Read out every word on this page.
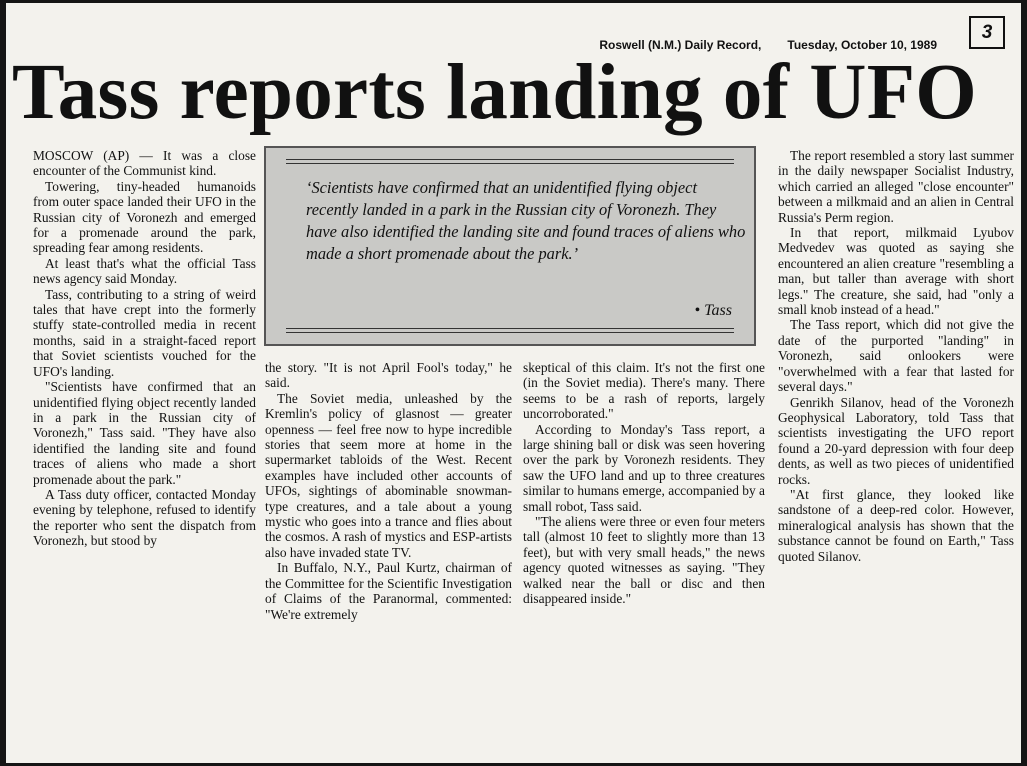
Roswell (N.M.) Daily Record, Tuesday, October 10, 1989
3
Tass reports landing of UFO

MOSCOW (AP) — It was a close encounter of the Communist kind.

Towering, tiny-headed humanoids from outer space landed their UFO in the Russian city of Voronezh and emerged for a promenade around the park, spreading fear among residents.

At least that's what the official Tass news agency said Monday.

Tass, contributing to a string of weird tales that have crept into the formerly stuffy state-controlled media in recent months, said in a straight-faced report that Soviet scientists vouched for the UFO's landing.

"Scientists have confirmed that an unidentified flying object recently landed in a park in the Russian city of Voronezh," Tass said. "They have also identified the landing site and found traces of aliens who made a short promenade about the park."

A Tass duty officer, contacted Monday evening by telephone, refused to identify the reporter who sent the dispatch from Voronezh, but stood by

‘Scientists have confirmed that an unidentified flying object recently landed in a park in the Russian city of Voronezh. They have also identified the landing site and found traces of aliens who made a short promenade about the park.’

• Tass

the story. "It is not April Fool's today," he said.

The Soviet media, unleashed by the Kremlin's policy of glasnost — greater openness — feel free now to hype incredible stories that seem more at home in the supermarket tabloids of the West. Recent examples have included other accounts of UFOs, sightings of abominable snowman-type creatures, and a tale about a young mystic who goes into a trance and flies about the cosmos. A rash of mystics and ESP-artists also have invaded state TV.

In Buffalo, N.Y., Paul Kurtz, chairman of the Committee for the Scientific Investigation of Claims of the Paranormal, commented: "We're extremely

skeptical of this claim. It's not the first one (in the Soviet media). There's many. There seems to be a rash of reports, largely uncorroborated."

According to Monday's Tass report, a large shining ball or disk was seen hovering over the park by Voronezh residents. They saw the UFO land and up to three creatures similar to humans emerge, accompanied by a small robot, Tass said.

"The aliens were three or even four meters tall (almost 10 feet to slightly more than 13 feet), but with very small heads," the news agency quoted witnesses as saying. "They walked near the ball or disc and then disappeared inside."

The report resembled a story last summer in the daily newspaper Socialist Industry, which carried an alleged "close encounter" between a milkmaid and an alien in Central Russia's Perm region.

In that report, milkmaid Lyubov Medvedev was quoted as saying she encountered an alien creature "resembling a man, but taller than average with short legs." The creature, she said, had "only a small knob instead of a head."

The Tass report, which did not give the date of the purported "landing" in Voronezh, said onlookers were "overwhelmed with a fear that lasted for several days."

Genrikh Silanov, head of the Voronezh Geophysical Laboratory, told Tass that scientists investigating the UFO report found a 20-yard depression with four deep dents, as well as two pieces of unidentified rocks.

"At first glance, they looked like sandstone of a deep-red color. However, mineralogical analysis has shown that the substance cannot be found on Earth," Tass quoted Silanov.
